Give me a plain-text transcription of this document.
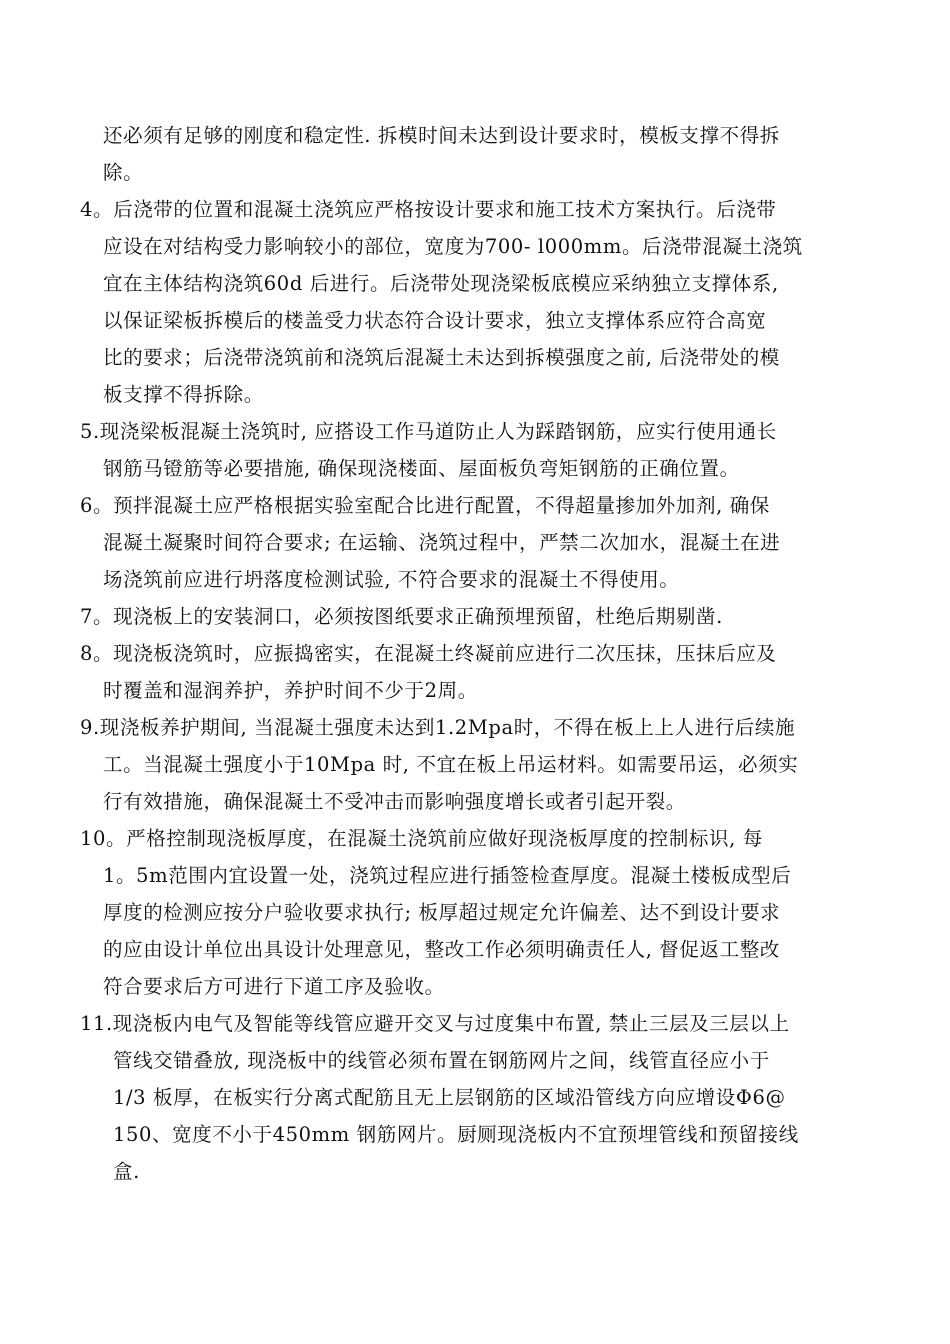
还必须有足够的刚度和稳定性. 拆模时间未达到设计要求时，模板支撑不得拆
除。
4。后浇带的位置和混凝土浇筑应严格按设计要求和施工技术方案执行。后浇带
应设在对结构受力影响较小的部位，宽度为700- l000mm。后浇带混凝土浇筑
宜在主体结构浇筑60d 后进行。后浇带处现浇梁板底模应采纳独立支撑体系,
以保证梁板拆模后的楼盖受力状态符合设计要求，独立支撑体系应符合高宽
比的要求；后浇带浇筑前和浇筑后混凝土未达到拆模强度之前, 后浇带处的模
板支撑不得拆除。
5.现浇梁板混凝土浇筑时, 应搭设工作马道防止人为踩踏钢筋，应实行使用通长
钢筋马镫筋等必要措施, 确保现浇楼面、屋面板负弯矩钢筋的正确位置。
6。预拌混凝土应严格根据实验室配合比进行配置，不得超量掺加外加剂, 确保
混凝土凝聚时间符合要求; 在运输、浇筑过程中，严禁二次加水，混凝土在进
场浇筑前应进行坍落度检测试验, 不符合要求的混凝土不得使用。
7。现浇板上的安装洞口，必须按图纸要求正确预埋预留，杜绝后期剔凿.
8。现浇板浇筑时，应振捣密实，在混凝土终凝前应进行二次压抹，压抹后应及
时覆盖和湿润养护，养护时间不少于2周。
9.现浇板养护期间, 当混凝土强度未达到1.2Mpa时，不得在板上上人进行后续施
工。当混凝土强度小于10Mpa 时, 不宜在板上吊运材料。如需要吊运，必须实
行有效措施，确保混凝土不受冲击而影响强度增长或者引起开裂。
10。严格控制现浇板厚度，在混凝土浇筑前应做好现浇板厚度的控制标识, 每
1。5m范围内宜设置一处，浇筑过程应进行插签检查厚度。混凝土楼板成型后
厚度的检测应按分户验收要求执行; 板厚超过规定允许偏差、达不到设计要求
的应由设计单位出具设计处理意见，整改工作必须明确责任人, 督促返工整改
符合要求后方可进行下道工序及验收。
11.现浇板内电气及智能等线管应避开交叉与过度集中布置, 禁止三层及三层以上
管线交错叠放, 现浇板中的线管必须布置在钢筋网片之间，线管直径应小于
1/3 板厚，在板实行分离式配筋且无上层钢筋的区域沿管线方向应增设Φ6@
150、宽度不小于450mm 钢筋网片。厨厕现浇板内不宜预埋管线和预留接线
盒.
